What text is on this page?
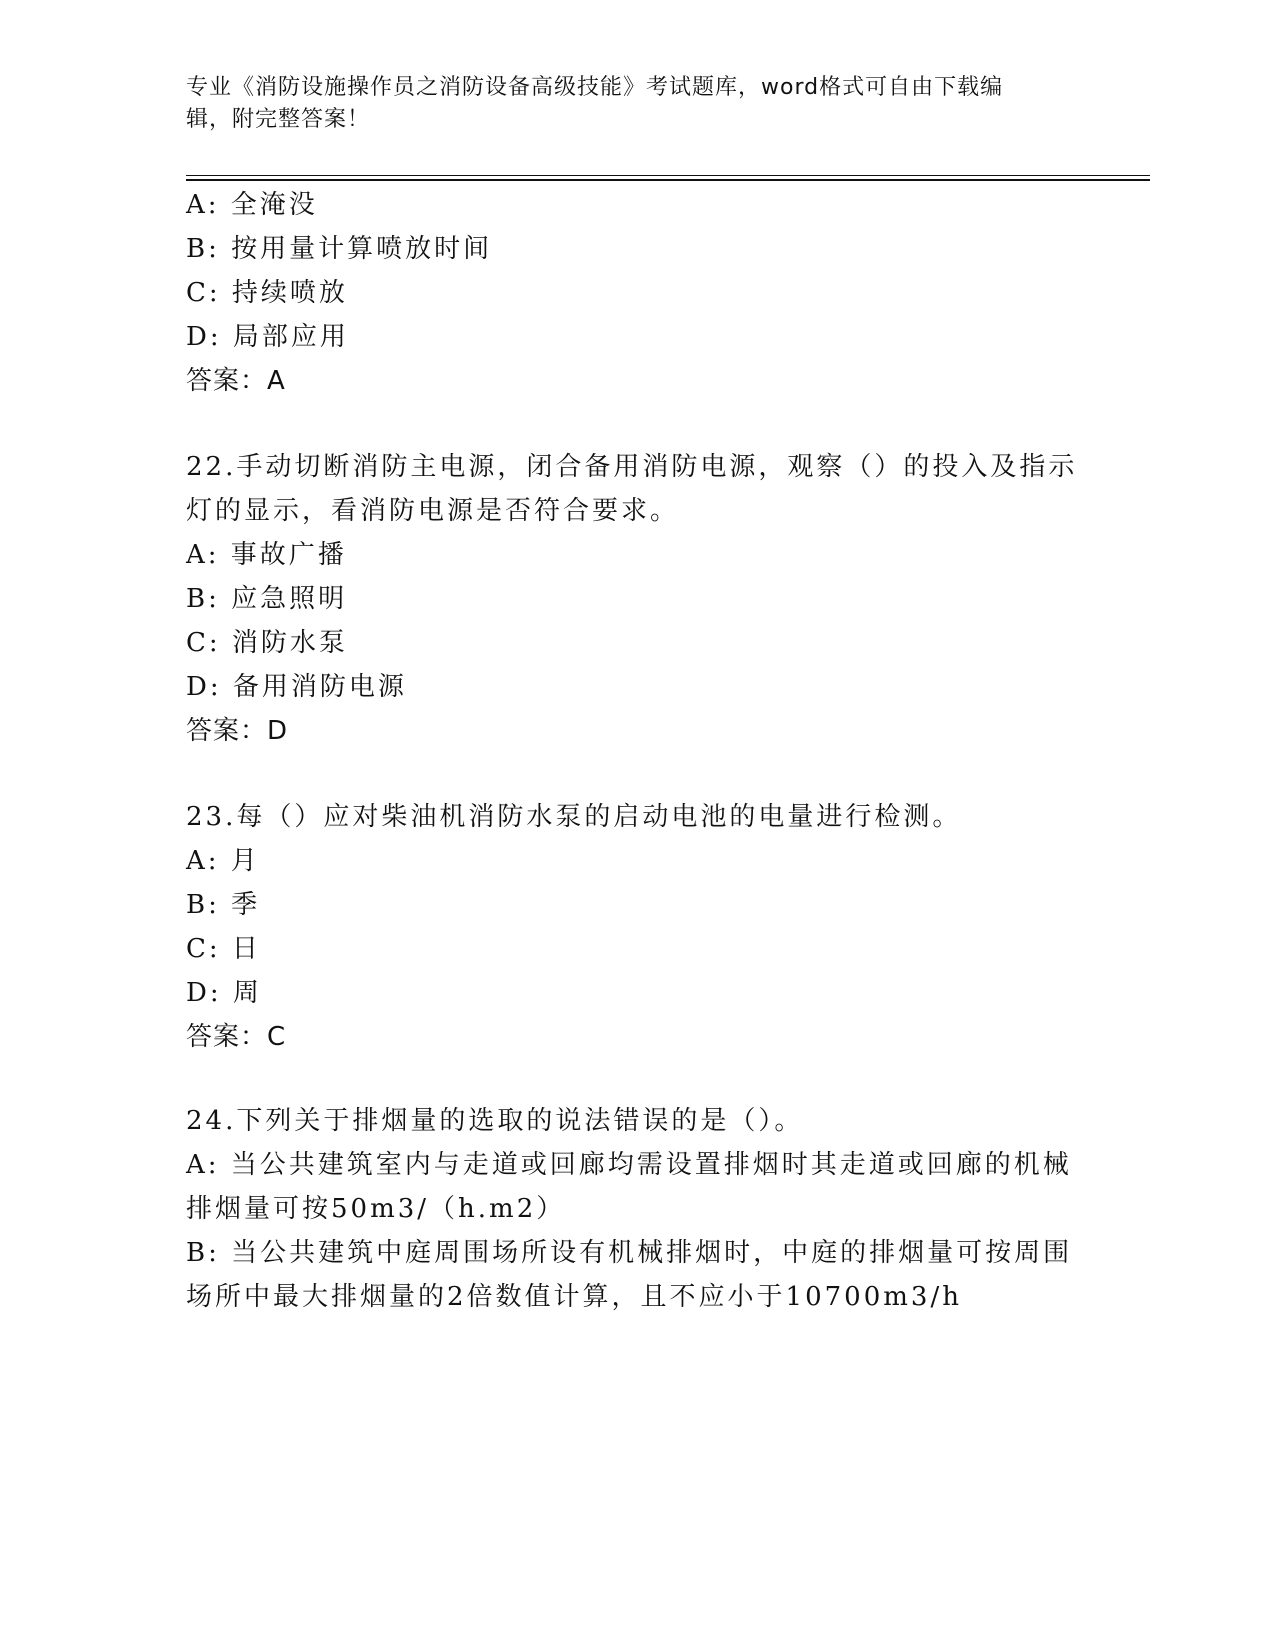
专业《消防设施操作员之消防设备高级技能》考试题库，word格式可自由下载编
辑，附完整答案！
A: 全淹没
B: 按用量计算喷放时间
C: 持续喷放
D: 局部应用
答案：A
22.手动切断消防主电源，闭合备用消防电源，观察（）的投入及指示
灯的显示，看消防电源是否符合要求。
A: 事故广播
B: 应急照明
C: 消防水泵
D: 备用消防电源
答案：D
23.每（）应对柴油机消防水泵的启动电池的电量进行检测。
A: 月
B: 季
C: 日
D: 周
答案：C
24.下列关于排烟量的选取的说法错误的是（）。
A: 当公共建筑室内与走道或回廊均需设置排烟时其走道或回廊的机械
排烟量可按50m3/（h.m2）
B: 当公共建筑中庭周围场所设有机械排烟时，中庭的排烟量可按周围
场所中最大排烟量的2倍数值计算，且不应小于10700m3/h
